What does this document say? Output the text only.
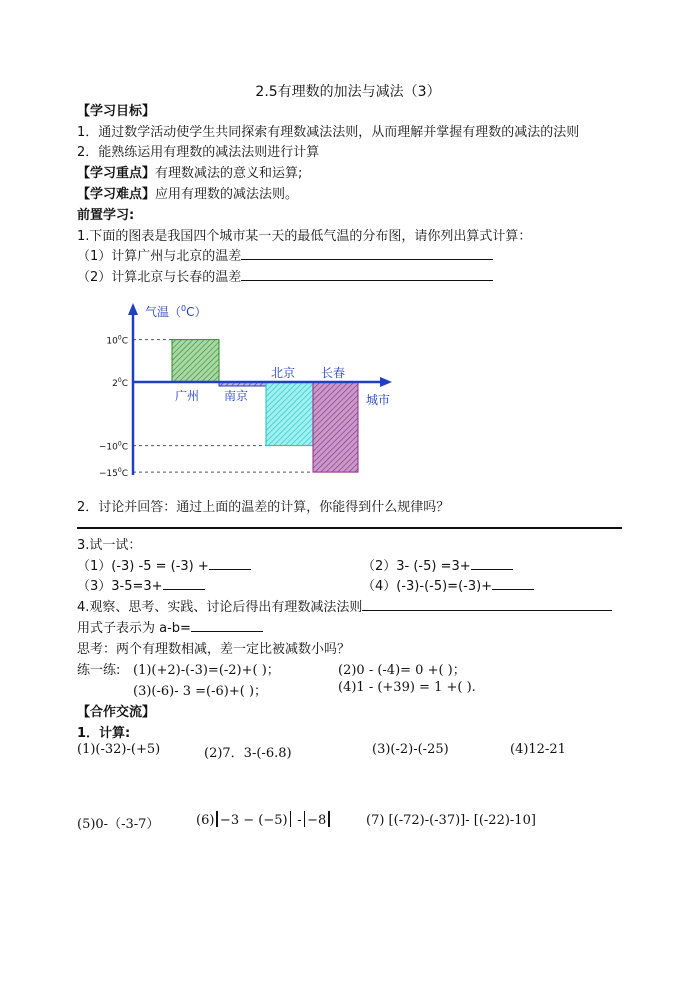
2.5有理数的加法与减法（3）
【学习目标】
1．通过数学活动使学生共同探索有理数减法法则，从而理解并掌握有理数的减法的法则
2．能熟练运用有理数的减法法则进行计算
【学习重点】有理数减法的意义和运算;
【学习难点】应用有理数的减法法则。
前置学习:
1.下面的图表是我国四个城市某一天的最低气温的分布图，请你列出算式计算：
（1）计算广州与北京的温差
（2）计算北京与长春的温差
$10^0C$
$2^0C$
$-10^0C$
$-15^0C$
气温（$^0$C）
城市
广州 南京
北京 长春
2．讨论并回答：通过上面的温差的计算，你能得到什么规律吗？
3.试一试：
（1）(-3) -5 = (-3) +	（2）3- (-5) =3+
（3）3-5=3+	（4）(-3)-(-5)=(-3)+
4.观察、思考、实践、讨论后得出有理数减法法则
用式子表示为 a-b=
思考：两个有理数相减，差一定比被减数小吗？
练一练: (1)(+2)-(-3)=(-2)+( )；	(2)0 - (-4)= 0 +( )；
(3)(-6)- 3 =(-6)+( )；	(4)1 - (+39) = 1 +( ).
【合作交流】
1．计算:
(1)(-32)-(+5)	(2)7．3-(-6.8)	(3)(-2)-(-25)	(4)12-21
(5)0-（-3-7）	(6) −3 − (−5) - −8	(7) [(-72)-(-37)]- [(-22)-10]
